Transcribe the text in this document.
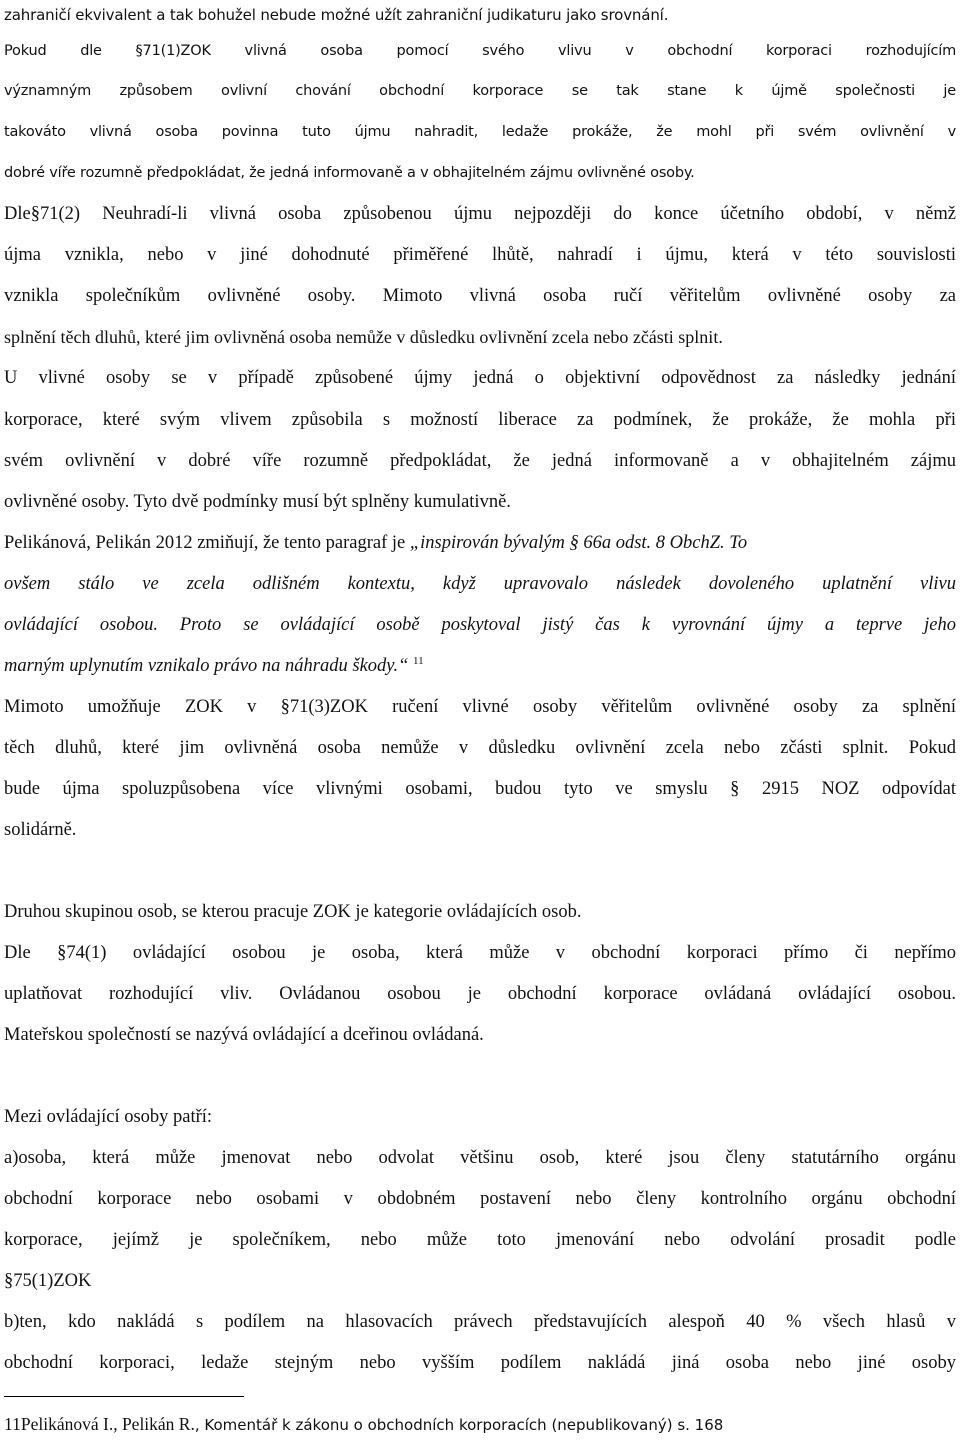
zahraničí ekvivalent a tak bohužel nebude možné užít zahraniční judikaturu jako srovnání.
Pokud dle §71(1)ZOK vlivná osoba pomocí svého vlivu v obchodní korporaci rozhodujícím
významným způsobem ovlivní chování obchodní korporace se tak stane k újmě společnosti je
takováto vlivná osoba povinna tuto újmu nahradit, ledaže prokáže, že mohl při svém ovlivnění v
dobré víře rozumně předpokládat, že jedná informovaně a v obhajitelném zájmu ovlivněné osoby.
Dle§71(2) Neuhradí-li vlivná osoba způsobenou újmu nejpozději do konce účetního období, v němž
újma vznikla, nebo v jiné dohodnuté přiměřené lhůtě, nahradí i újmu, která v této souvislosti
vznikla společníkům ovlivněné osoby. Mimoto vlivná osoba ručí věřitelům ovlivněné osoby za
splnění těch dluhů, které jim ovlivněná osoba nemůže v důsledku ovlivnění zcela nebo zčásti splnit.
U vlivné osoby se v případě způsobené újmy jedná o objektivní odpovědnost za následky jednání
korporace, které svým vlivem způsobila s možností liberace za podmínek, že prokáže, že mohla při
svém ovlivnění v dobré víře rozumně předpokládat, že jedná informovaně a v obhajitelném zájmu
ovlivněné osoby. Tyto dvě podmínky musí být splněny kumulativně.
Pelikánová, Pelikán 2012 zmiňují, že tento paragraf je „inspirován bývalým § 66a odst. 8 ObchZ. To
ovšem stálo ve zcela odlišném kontextu, když upravovalo následek dovoleného uplatnění vlivu
ovládající osobou. Proto se ovládající osobě poskytoval jistý čas k vyrovnání újmy a teprve jeho
marným uplynutím vznikalo právo na náhradu škody.“ $^{11}$
Mimoto umožňuje ZOK v §71(3)ZOK ručení vlivné osoby věřitelům ovlivněné osoby za splnění
těch dluhů, které jim ovlivněná osoba nemůže v důsledku ovlivnění zcela nebo zčásti splnit. Pokud
bude újma spoluzpůsobena více vlivnými osobami, budou tyto ve smyslu § 2915 NOZ odpovídat
solidárně.
Druhou skupinou osob, se kterou pracuje ZOK je kategorie ovládajících osob.
Dle §74(1) ovládající osobou je osoba, která může v obchodní korporaci přímo či nepřímo
uplatňovat rozhodující vliv. Ovládanou osobou je obchodní korporace ovládaná ovládající osobou.
Mateřskou společností se nazývá ovládající a dceřinou ovládaná.
Mezi ovládající osoby patří:
a)osoba, která může jmenovat nebo odvolat většinu osob, které jsou členy statutárního orgánu
obchodní korporace nebo osobami v obdobném postavení nebo členy kontrolního orgánu obchodní
korporace, jejímž je společníkem, nebo může toto jmenování nebo odvolání prosadit podle
§75(1)ZOK
b)ten, kdo nakládá s podílem na hlasovacích právech představujících alespoň 40 % všech hlasů v
obchodní korporaci, ledaže stejným nebo vyšším podílem nakládá jiná osoba nebo jiné osoby
11Pelikánová I., Pelikán R., Komentář k zákonu o obchodních korporacích (nepublikovaný) s. 168
